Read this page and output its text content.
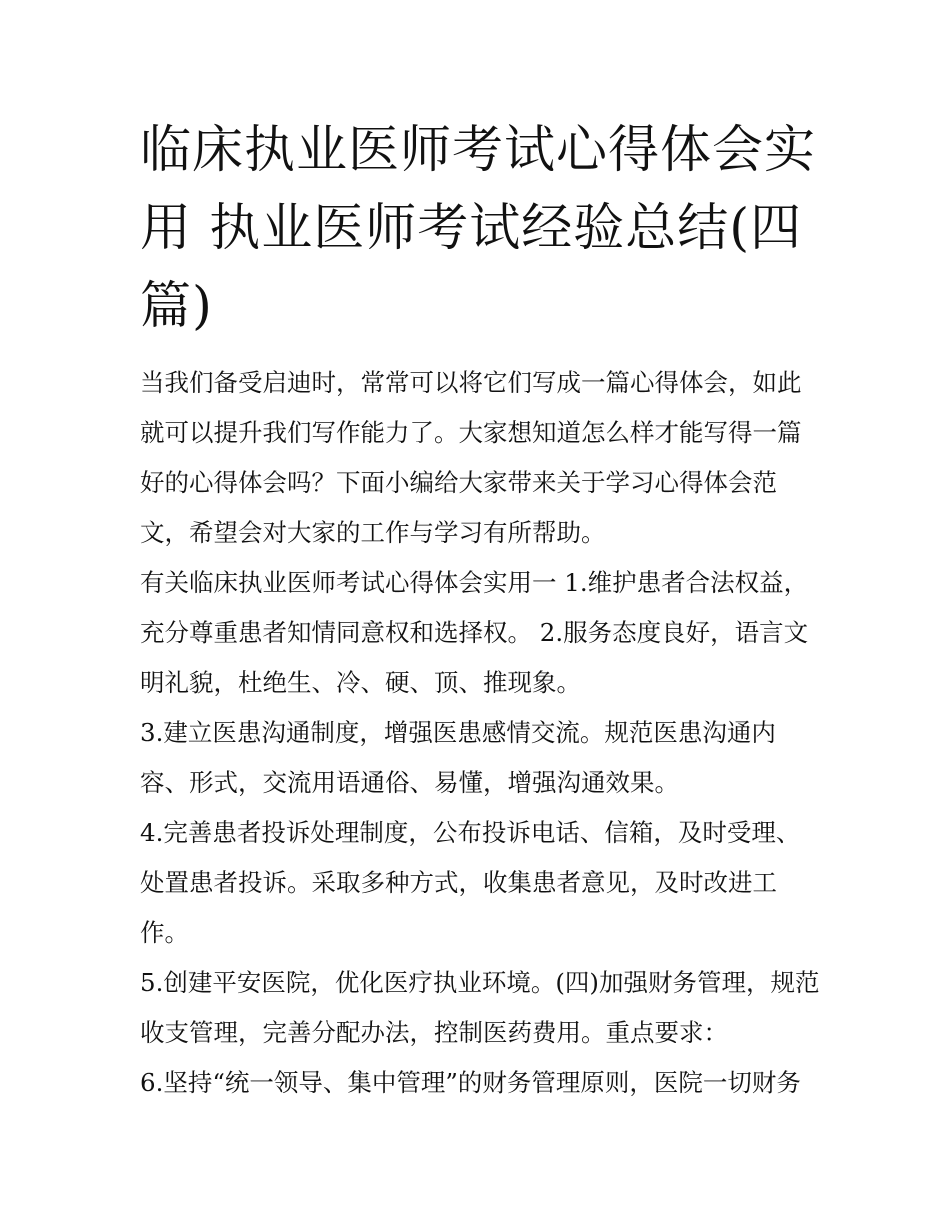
临床执业医师考试心得体会实用 执业医师考试经验总结(四篇)

当我们备受启迪时，常常可以将它们写成一篇心得体会，如此就可以提升我们写作能力了。大家想知道怎么样才能写得一篇好的心得体会吗？下面小编给大家带来关于学习心得体会范文，希望会对大家的工作与学习有所帮助。

有关临床执业医师考试心得体会实用一 1.维护患者合法权益，充分尊重患者知情同意权和选择权。 2.服务态度良好，语言文明礼貌，杜绝生、冷、硬、顶、推现象。

3.建立医患沟通制度，增强医患感情交流。规范医患沟通内容、形式，交流用语通俗、易懂，增强沟通效果。

4.完善患者投诉处理制度，公布投诉电话、信箱，及时受理、处置患者投诉。采取多种方式，收集患者意见，及时改进工作。

5.创建平安医院，优化医疗执业环境。(四)加强财务管理，规范收支管理，完善分配办法，控制医药费用。重点要求：

6.坚持“统一领导、集中管理”的财务管理原则，医院一切财务
